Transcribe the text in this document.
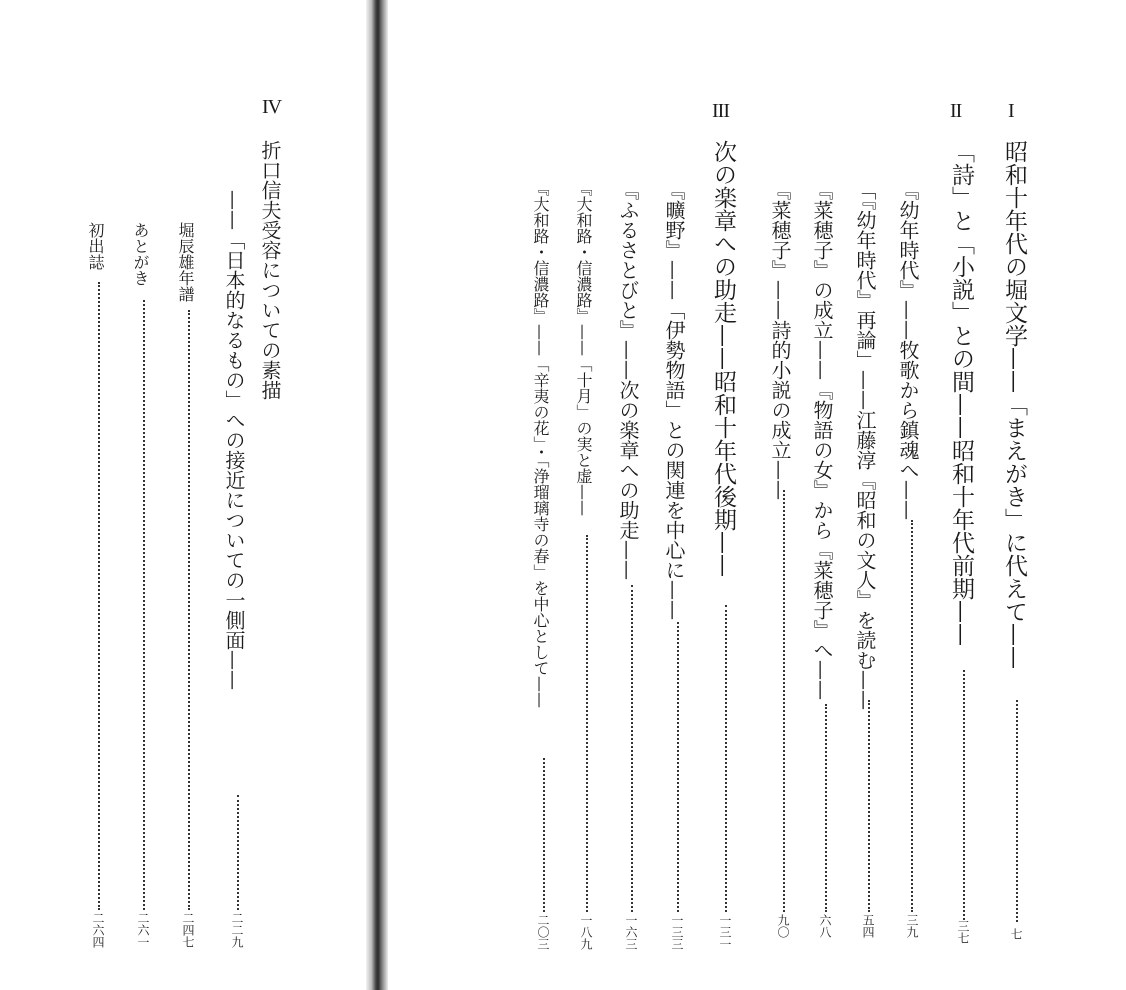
I
昭和十年代の堀文学——「まえがき」に代えて——
七
II
「詩」と「小説」との間——昭和十年代前期——
三七
『幼年時代』——牧歌から鎮魂へ——
三九
「『幼年時代』再論」——江藤淳『昭和の文人』を読む——
五四
『菜穂子』の成立——『物語の女』から『菜穂子』へ——
六八
『菜穂子』——詩的小説の成立——
九〇
III
次の楽章への助走——昭和十年代後期——
一三一
『曠野』——「伊勢物語」との関連を中心に——
一三三
『ふるさとびと』——次の楽章への助走——
一六三
『大和路・信濃路』——「十月」の実と虚——
一八九
『大和路・信濃路』——「辛夷の花」・「浄瑠璃寺の春」を中心として——
二〇三
IV
折口信夫受容についての素描
——「日本的なるもの」への接近についての一側面——
二二九
堀辰雄年譜
二四七
あとがき
二六一
初出誌
二六四
